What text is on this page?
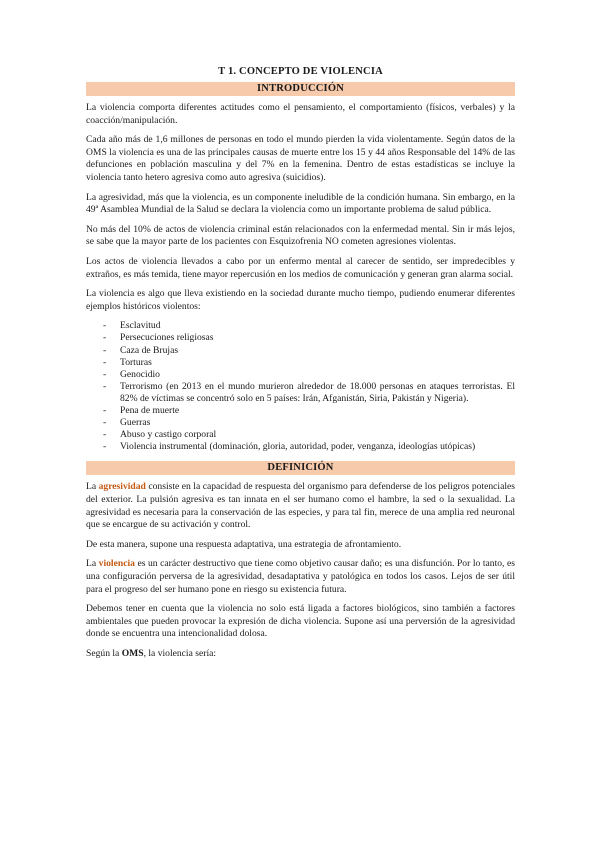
T 1. CONCEPTO DE VIOLENCIA
INTRODUCCIÓN

La violencia comporta diferentes actitudes como el pensamiento, el comportamiento (físicos, verbales) y la coacción/manipulación.

Cada año más de 1,6 millones de personas en todo el mundo pierden la vida violentamente. Según datos de la OMS la violencia es una de las principales causas de muerte entre los 15 y 44 años Responsable del 14% de las defunciones en población masculina y del 7% en la femenina. Dentro de estas estadísticas se incluye la violencia tanto hetero agresiva como auto agresiva (suicidios).

La agresividad, más que la violencia, es un componente ineludible de la condición humana. Sin embargo, en la 49ª Asamblea Mundial de la Salud se declara la violencia como un importante problema de salud pública.

No más del 10% de actos de violencia criminal están relacionados con la enfermedad mental. Sin ir más lejos, se sabe que la mayor parte de los pacientes con Esquizofrenia NO cometen agresiones violentas.

Los actos de violencia llevados a cabo por un enfermo mental al carecer de sentido, ser impredecibles y extraños, es más temida, tiene mayor repercusión en los medios de comunicación y generan gran alarma social.

La violencia es algo que lleva existiendo en la sociedad durante mucho tiempo, pudiendo enumerar diferentes ejemplos históricos violentos:

- Esclavitud
- Persecuciones religiosas
- Caza de Brujas
- Torturas
- Genocidio
- Terrorismo (en 2013 en el mundo murieron alrededor de 18.000 personas en ataques terroristas. El 82% de víctimas se concentró solo en 5 países: Irán, Afganistán, Siria, Pakistán y Nigeria).
- Pena de muerte
- Guerras
- Abuso y castigo corporal
- Violencia instrumental (dominación, gloria, autoridad, poder, venganza, ideologías utópicas)
DEFINICIÓN

La agresividad consiste en la capacidad de respuesta del organismo para defenderse de los peligros potenciales del exterior. La pulsión agresiva es tan innata en el ser humano como el hambre, la sed o la sexualidad. La agresividad es necesaria para la conservación de las especies, y para tal fin, merece de una amplia red neuronal que se encargue de su activación y control.

De esta manera, supone una respuesta adaptativa, una estrategia de afrontamiento.

La violencia es un carácter destructivo que tiene como objetivo causar daño; es una disfunción. Por lo tanto, es una configuración perversa de la agresividad, desadaptativa y patológica en todos los casos. Lejos de ser útil para el progreso del ser humano pone en riesgo su existencia futura.

Debemos tener en cuenta que la violencia no solo está ligada a factores biológicos, sino también a factores ambientales que pueden provocar la expresión de dicha violencia. Supone así una perversión de la agresividad donde se encuentra una intencionalidad dolosa.

Según la OMS, la violencia sería:
